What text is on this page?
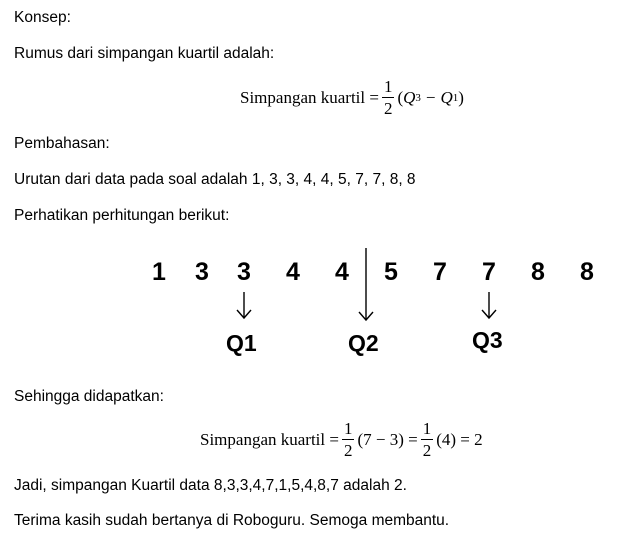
Konsep:
Rumus dari simpangan kuartil adalah:
Simpangan kuartil = $\frac{1}{2}$ ( Q 3 − Q 1 )
Pembahasan:
Urutan dari data pada soal adalah 1, 3, 3, 4, 4, 5, 7, 7, 8, 8
Perhatikan perhitungan berikut:
1 3 3 4 4 5 7 7 8 8
Q1	Q2	Q3
Sehingga didapatkan:
Simpangan kuartil = $\frac{1}{2} (7 - 3) = \frac{1}{2} (4) = 2$
Jadi, simpangan Kuartil data 8,3,3,4,7,1,5,4,8,7 adalah 2.
Terima kasih sudah bertanya di Roboguru. Semoga membantu.
